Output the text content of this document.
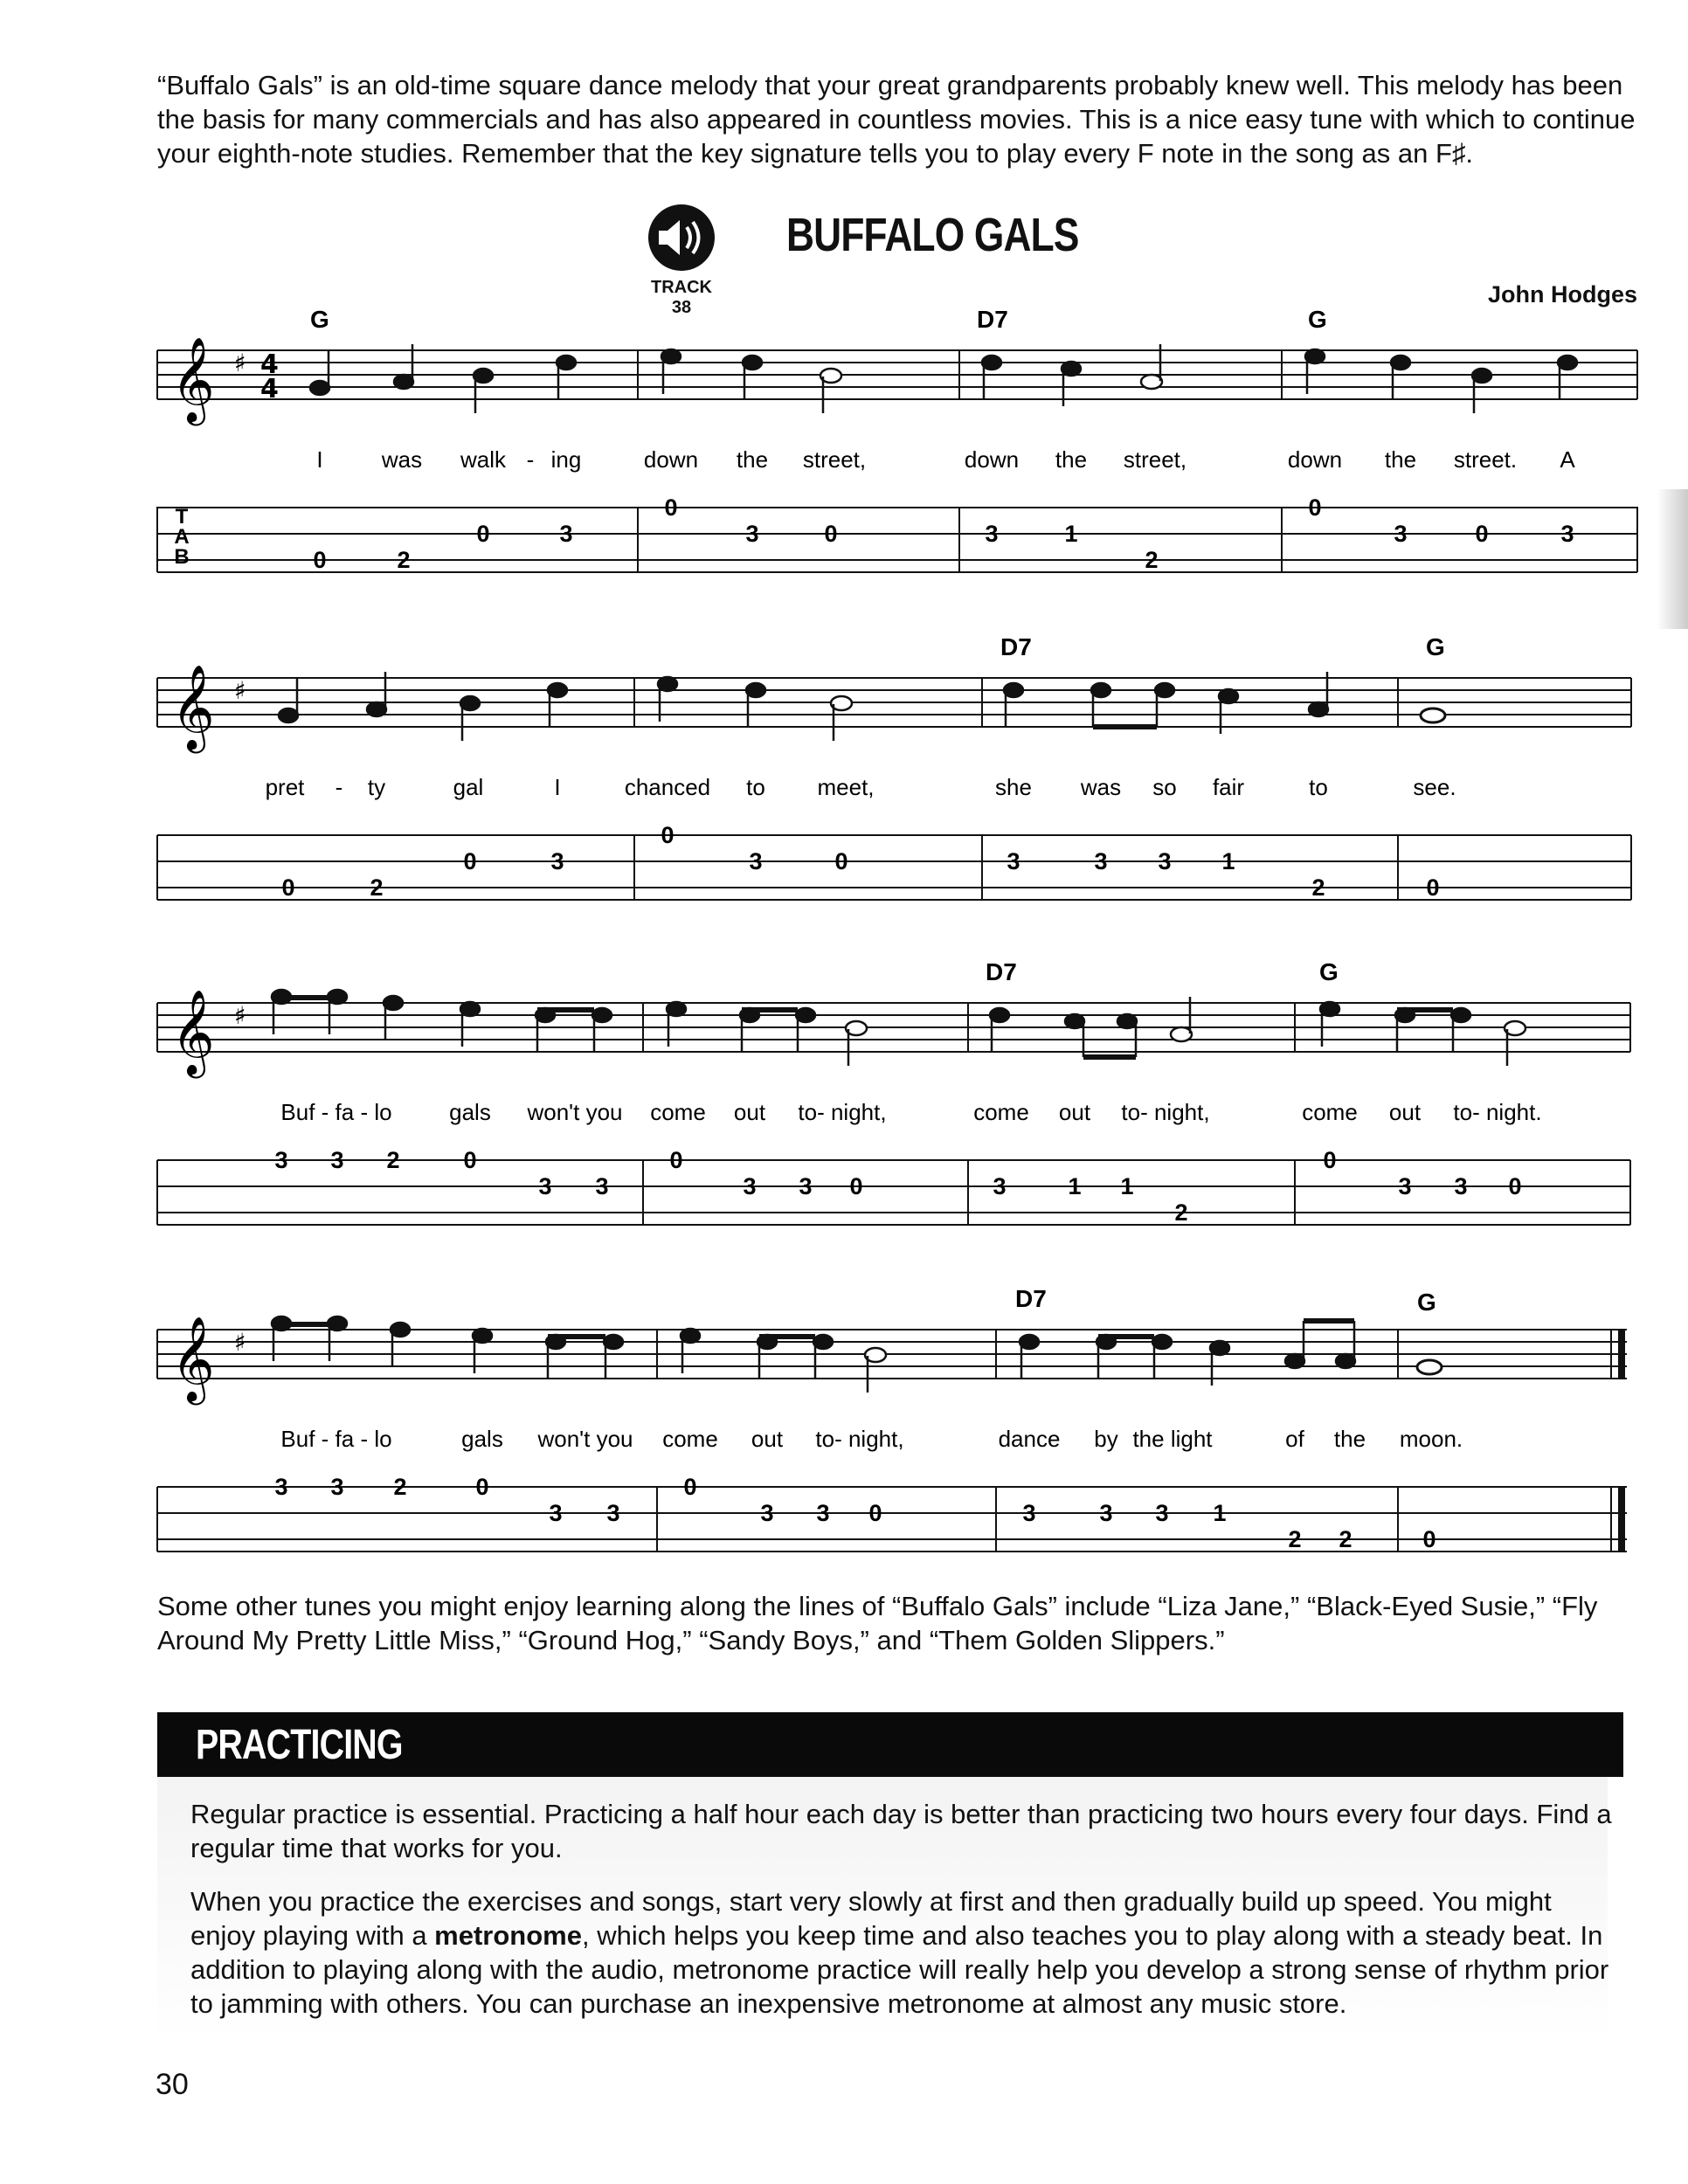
“Buffalo Gals” is an old-time square dance melody that your great grandparents probably knew well. This melody has been the basis for many commercials and has also appeared in countless movies. This is a nice easy tune with which to continue your eighth-note studies. Remember that the key signature tells you to play every F note in the song as an F♯.

TRACK 38
BUFFALO GALS
John Hodges
𝄞 ♯ 4
4
G	D7	G
I	was walk - ing	down the street,	down the street,	down the street. A
T
A
B	0	2
0	3
0
3	0	3	1
2
0
3	0	3
𝄞 ♯
D7	G
pret - ty	gal	I	chanced to meet,	she was so fair	to	see.
0	2
0	3
0
3	0	3	3 3 1
2	0
𝄞 ♯
D7	G
Buf - fa - lo	gals won't you come out to- night,	come out to- night,	come out to- night.
3 3 2	0
3 3
0
3 3 0	3	1 1
2
0
3 3 0
𝄞 ♯
D7	G
Buf - fa - lo	gals won't you come out to- night,	dance by the light	of the moon.
3 3 2	0
3 3
0
3 3 0	3	3 3 1
2 2	0

Some other tunes you might enjoy learning along the lines of “Buffalo Gals” include “Liza Jane,” “Black-Eyed Susie,” “Fly Around My Pretty Little Miss,” “Ground Hog,” “Sandy Boys,” and “Them Golden Slippers.”

PRACTICING

Regular practice is essential. Practicing a half hour each day is better than practicing two hours every four days. Find a regular time that works for you.

When you practice the exercises and songs, start very slowly at first and then gradually build up speed. You might enjoy playing with a metronome, which helps you keep time and also teaches you to play along with a steady beat. In addition to playing along with the audio, metronome practice will really help you develop a strong sense of rhythm prior to jamming with others. You can purchase an inexpensive metronome at almost any music store.

30
